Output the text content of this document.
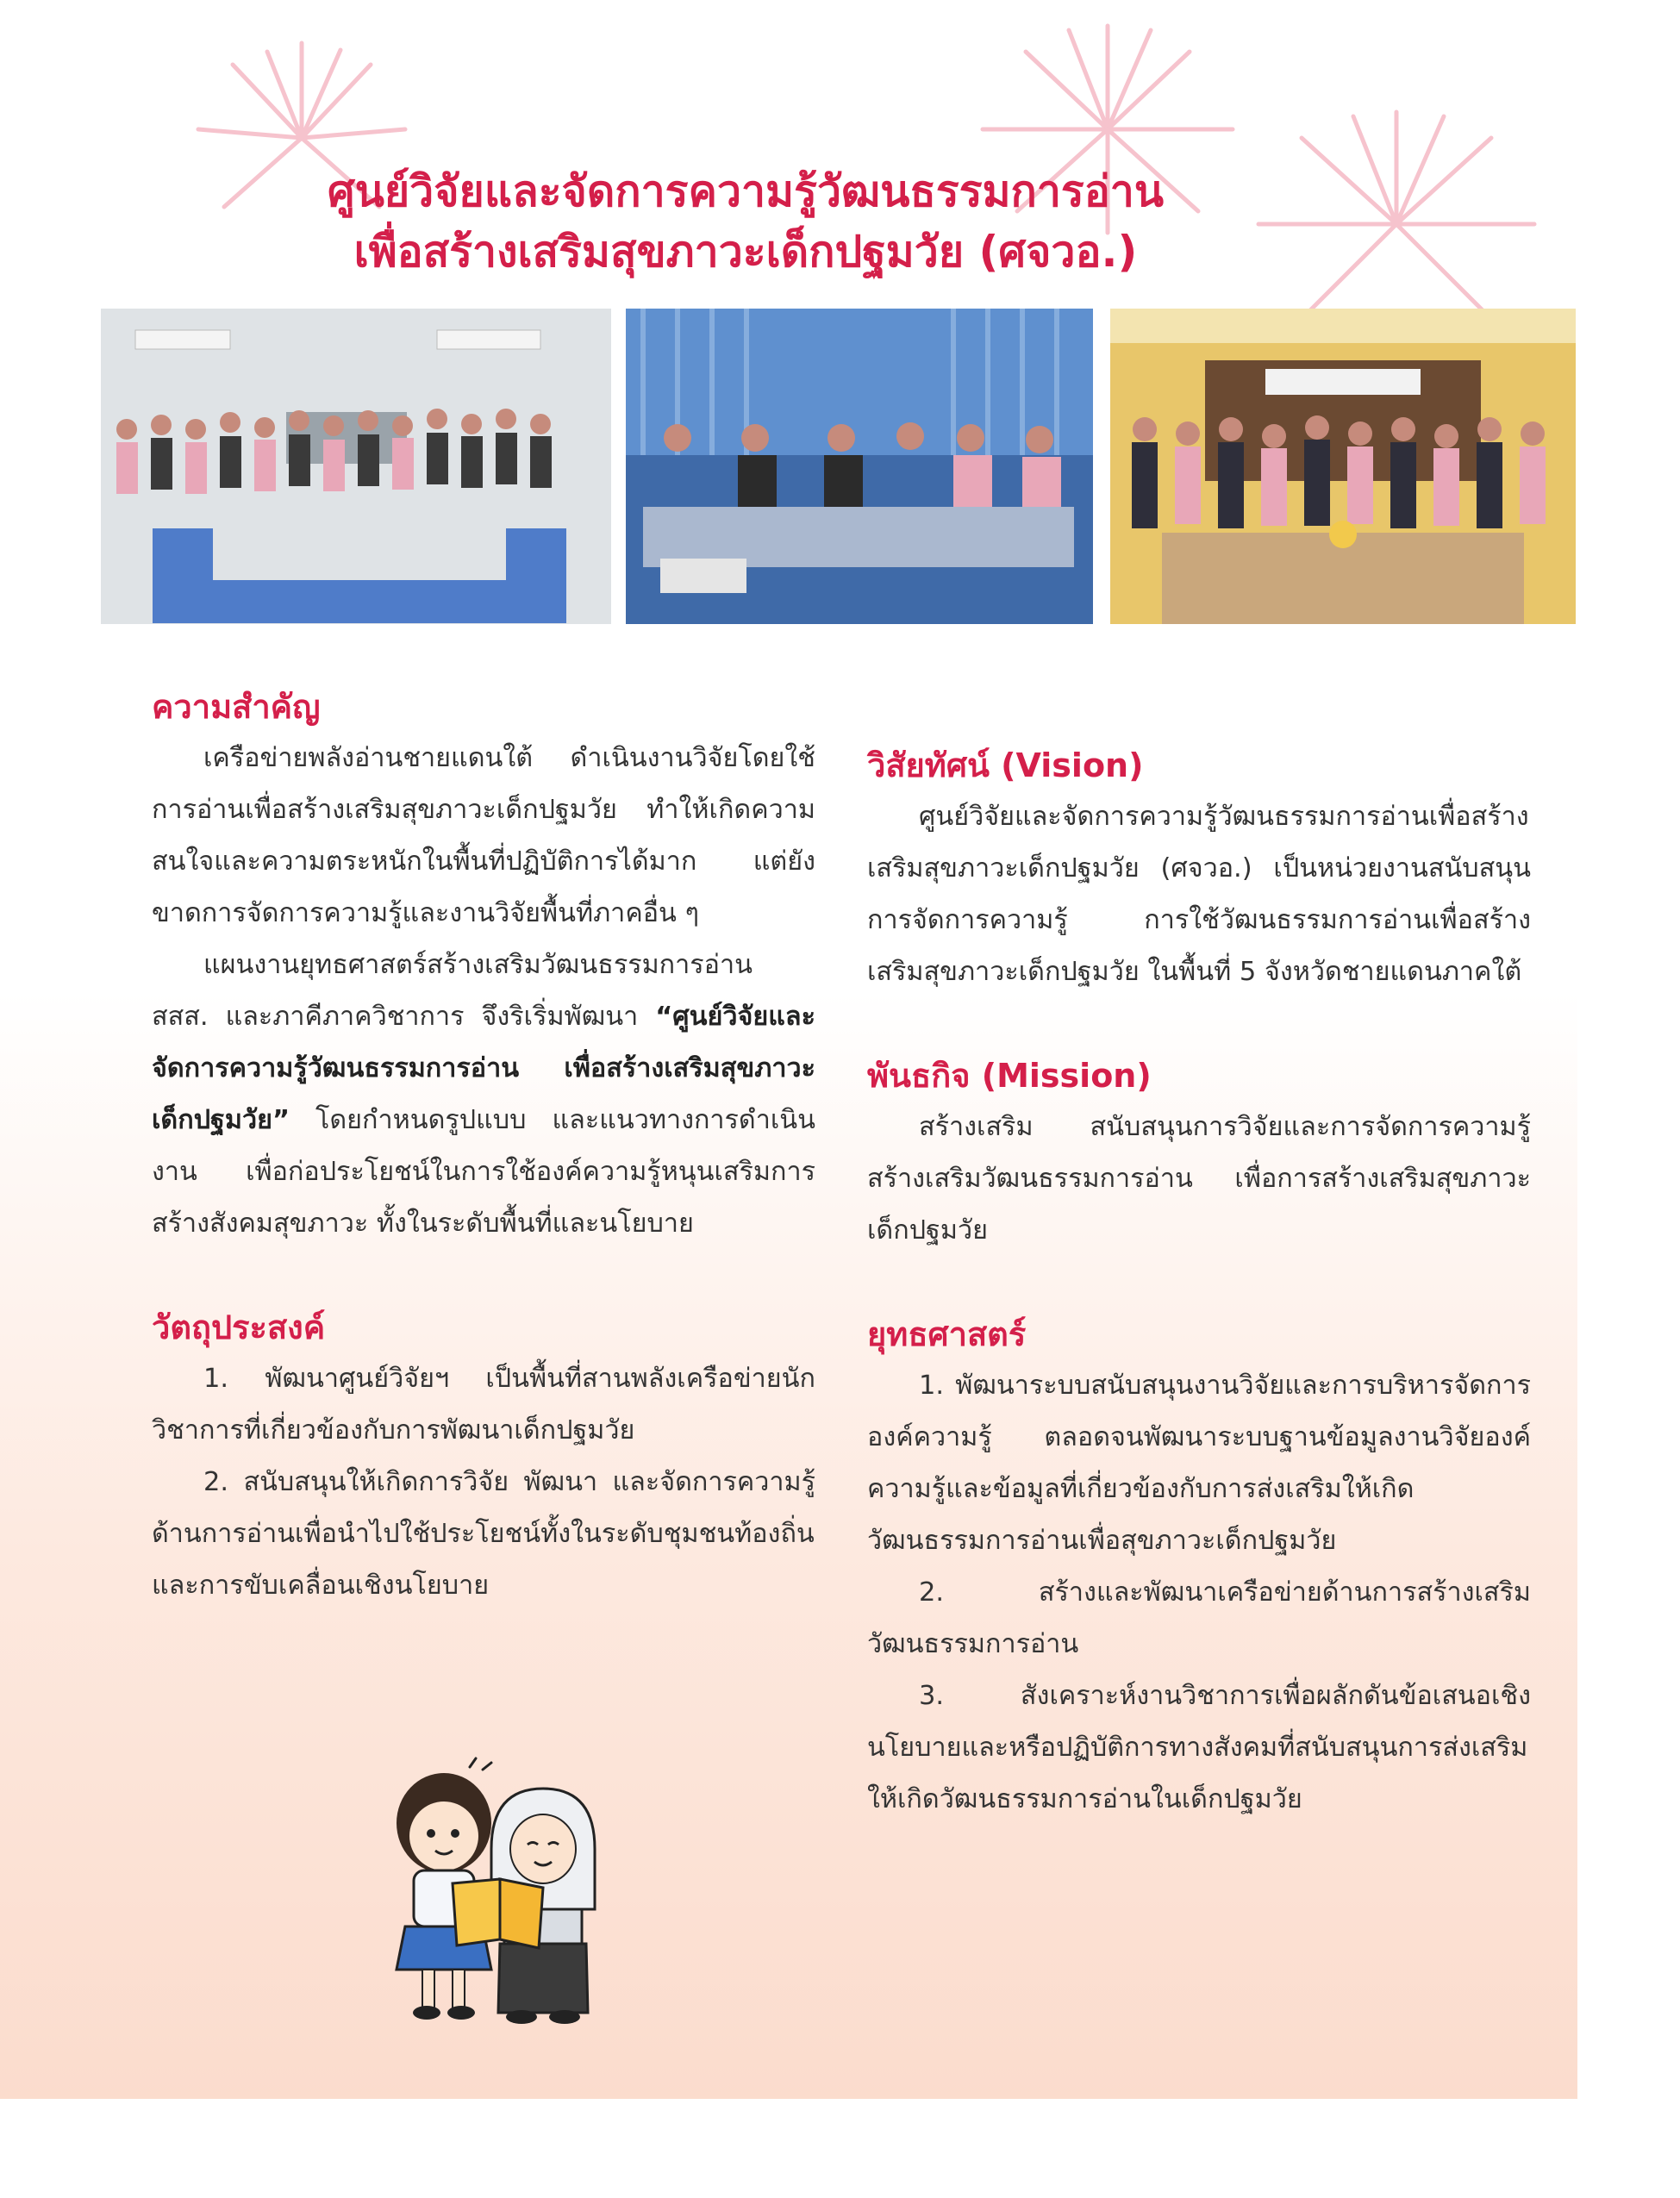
ศูนย์วิจัยและจัดการความรู้วัฒนธรรมการอ่าน
เพื่อสร้างเสริมสุขภาวะเด็กปฐมวัย (ศจวอ.)
ความสำคัญ

เครือข่ายพลังอ่านชายแดนใต้ ดำเนินงานวิจัยโดยใช้การอ่านเพื่อสร้างเสริมสุขภาวะเด็กปฐมวัย ทำให้เกิดความสนใจและความตระหนักในพื้นที่ปฏิบัติการได้มาก แต่ยังขาดการจัดการความรู้และงานวิจัยพื้นที่ภาคอื่น ๆ

แผนงานยุทธศาสตร์สร้างเสริมวัฒนธรรมการอ่าน สสส. และภาคีภาควิชาการ จึงริเริ่มพัฒนา “ศูนย์วิจัยและจัดการความรู้วัฒนธรรมการอ่าน เพื่อสร้างเสริมสุขภาวะเด็กปฐมวัย” โดยกำหนดรูปแบบ และแนวทางการดำเนินงาน เพื่อก่อประโยชน์ในการใช้องค์ความรู้หนุนเสริมการสร้างสังคมสุขภาวะ ทั้งในระดับพื้นที่และนโยบาย

วัตถุประสงค์

1. พัฒนาศูนย์วิจัยฯ เป็นพื้นที่สานพลังเครือข่ายนักวิชาการที่เกี่ยวข้องกับการพัฒนาเด็กปฐมวัย

2. สนับสนุนให้เกิดการวิจัย พัฒนา และจัดการความรู้ด้านการอ่านเพื่อนำไปใช้ประโยชน์ทั้งในระดับชุมชนท้องถิ่นและการขับเคลื่อนเชิงนโยบาย

วิสัยทัศน์ (Vision)

ศูนย์วิจัยและจัดการความรู้วัฒนธรรมการอ่านเพื่อสร้างเสริมสุขภาวะเด็กปฐมวัย (ศจวอ.) เป็นหน่วยงานสนับสนุนการจัดการความรู้ การใช้วัฒนธรรมการอ่านเพื่อสร้างเสริมสุขภาวะเด็กปฐมวัย ในพื้นที่ 5 จังหวัดชายแดนภาคใต้

พันธกิจ (Mission)

สร้างเสริม สนับสนุนการวิจัยและการจัดการความรู้สร้างเสริมวัฒนธรรมการอ่าน เพื่อการสร้างเสริมสุขภาวะเด็กปฐมวัย

ยุทธศาสตร์

1. พัฒนาระบบสนับสนุนงานวิจัยและการบริหารจัดการองค์ความรู้ ตลอดจนพัฒนาระบบฐานข้อมูลงานวิจัยองค์ความรู้และข้อมูลที่เกี่ยวข้องกับการส่งเสริมให้เกิดวัฒนธรรมการอ่านเพื่อสุขภาวะเด็กปฐมวัย

2. สร้างและพัฒนาเครือข่ายด้านการสร้างเสริมวัฒนธรรมการอ่าน

3. สังเคราะห์งานวิชาการเพื่อผลักดันข้อเสนอเชิงนโยบายและหรือปฏิบัติการทางสังคมที่สนับสนุนการส่งเสริมให้เกิดวัฒนธรรมการอ่านในเด็กปฐมวัย
